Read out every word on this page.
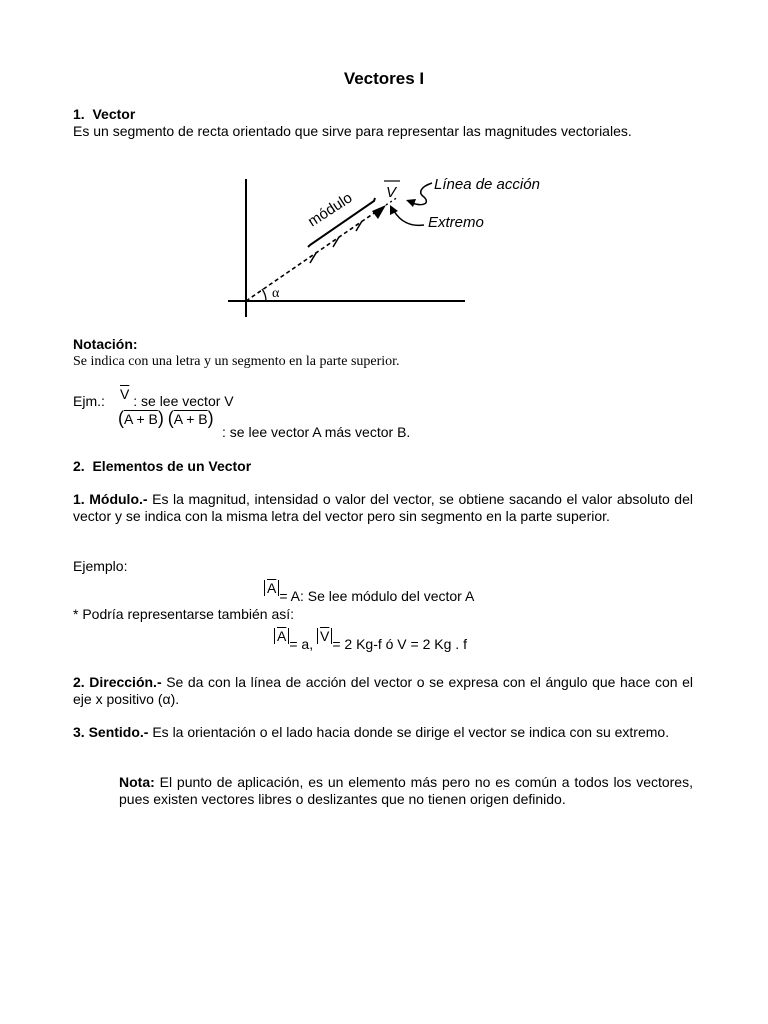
Vectores I
1. Vector
Es un segmento de recta orientado que sirve para representar las magnitudes vectoriales.
módulo V	Línea de acción
Extremo
α
Notación:
Se indica con una letra y un segmento en la parte superior.
Ejm.: $\overline{V}$ : se lee vector V
(A + B) (A + B)
: se lee vector A más vector B.
2. Elementos de un Vector
1. Módulo.- Es la magnitud, intensidad o valor del vector, se obtiene sacando el valor absoluto del vector y se indica con la misma letra del vector pero sin segmento en la parte superior.
Ejemplo:
$\overline{A} = A$: Se lee módulo del vector A
* Podría representarse también así:
$\overline{A} = a$, $\overline{V} = 2$ Kg-f ó V = 2 Kg . f
2. Dirección.- Se da con la línea de acción del vector o se expresa con el ángulo que hace con el eje x positivo (α).
3. Sentido.- Es la orientación o el lado hacia donde se dirige el vector se indica con su extremo.
Nota: El punto de aplicación, es un elemento más pero no es común a todos los vectores, pues existen vectores libres o deslizantes que no tienen origen definido.
